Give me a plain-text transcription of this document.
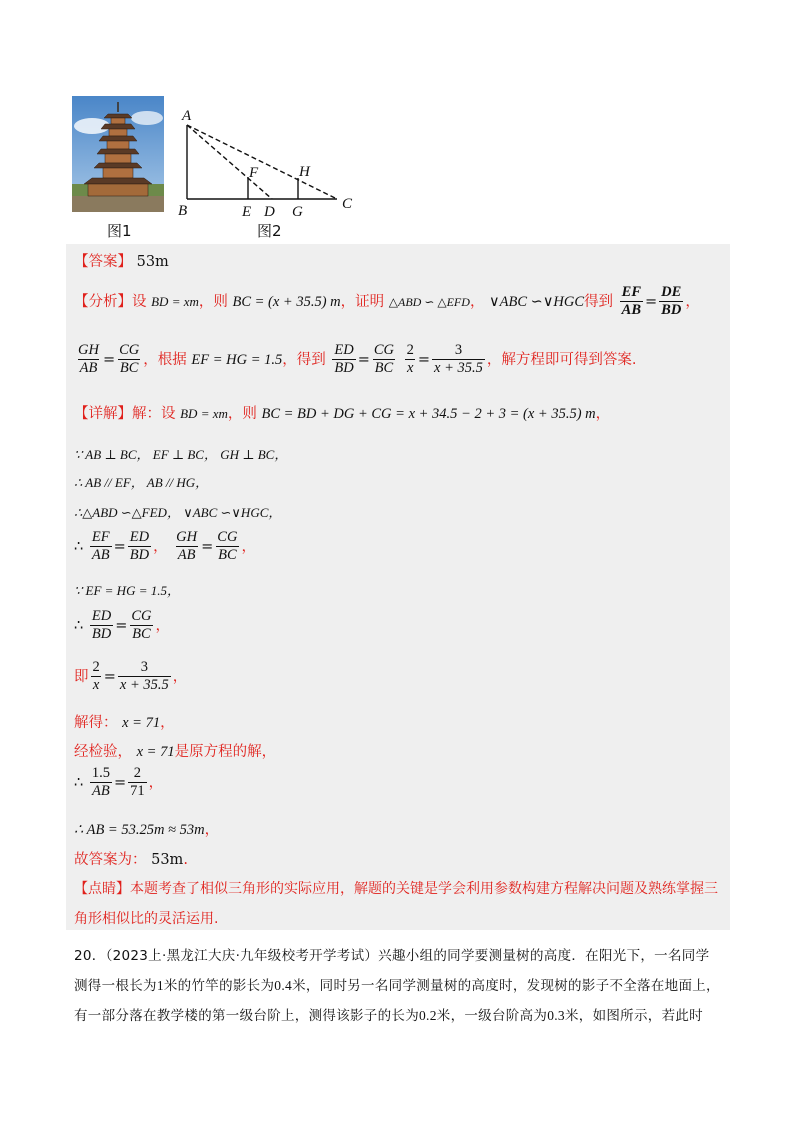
图1
A
B	C
D
E
F
G
H
图2
【答案】 53m
【分析】设 BD = xm，则 BC = (x + 35.5) m，证明 △ABD ∽ △EFD， ∨ABC ∽∨HGC得到 $\frac{EF}{AB} = \frac{DE}{BD}$ ，
$\frac{GH}{AB} = \frac{CG}{BC}$ ，根据 EF = HG = 1.5，得到 $\frac{ED}{BD} = \frac{CG}{BC}$
$\frac{2}{x} = \frac{3}{x + 35.5}$ ，解方程即可得到答案.
【详解】解：设 BD = xm，则 BC = BD + DG + CG = x + 34.5 − 2 + 3 = (x + 35.5) m，
∵ AB ⊥ BC， EF ⊥ BC， GH ⊥ BC，
∴ AB // EF， AB // HG，
∴△ABD ∽△FED， ∨ABC ∽∨HGC，
∴ $\frac{EF}{AB} = \frac{ED}{BD}$ ， $\frac{GH}{AB} = \frac{CG}{BC}$ ，
∵ EF = HG = 1.5，
∴ $\frac{ED}{BD} = \frac{CG}{BC}$ ，
即 $\frac{2}{x} = \frac{3}{x + 35.5}$ ，
解得： x = 71，
经检验， x = 71是原方程的解，
∴ $\frac{1.5}{AB} = \frac{2}{71}$ ，
∴ AB = 53.25m ≈ 53m，
故答案为： 53m.
【点睛】本题考查了相似三角形的实际应用，解题的关键是学会利用参数构建方程解决问题及熟练掌握三
角形相似比的灵活运用.
20．（2023上·黑龙江大庆·九年级校考开学考试）兴趣小组的同学要测量树的高度．在阳光下，一名同学
测得一根长为1米的竹竿的影长为0.4米，同时另一名同学测量树的高度时，发现树的影子不全落在地面上，
有一部分落在教学楼的第一级台阶上，测得该影子的长为0.2米，一级台阶高为0.3米，如图所示，若此时
